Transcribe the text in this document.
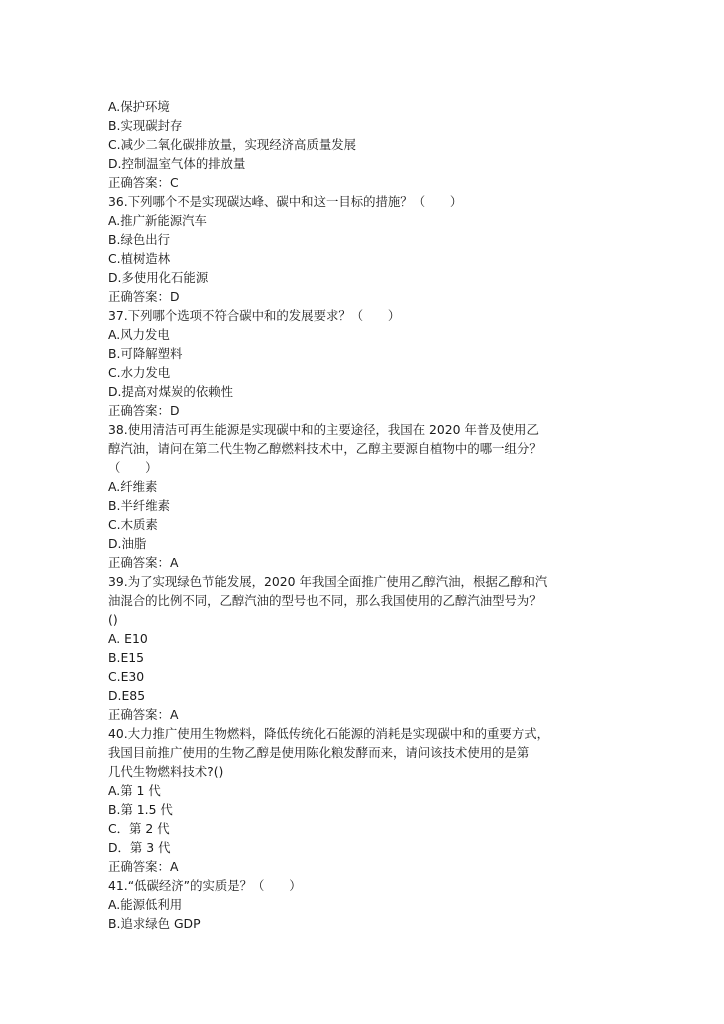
A.保护环境
B.实现碳封存
C.减少二氧化碳排放量，实现经济高质量发展
D.控制温室气体的排放量
正确答案：C
36.下列哪个不是实现碳达峰、碳中和这一目标的措施？（　　）
A.推广新能源汽车
B.绿色出行
C.植树造林
D.多使用化石能源
正确答案：D
37.下列哪个选项不符合碳中和的发展要求？（　　）
A.风力发电
B.可降解塑料
C.水力发电
D.提高对煤炭的依赖性
正确答案：D
38.使用清洁可再生能源是实现碳中和的主要途径，我国在 2020 年普及使用乙
醇汽油，请问在第二代生物乙醇燃料技术中，乙醇主要源自植物中的哪一组分？
（　　）
A.纤维素
B.半纤维素
C.木质素
D.油脂
正确答案：A
39.为了实现绿色节能发展，2020 年我国全面推广使用乙醇汽油，根据乙醇和汽
油混合的比例不同，乙醇汽油的型号也不同，那么我国使用的乙醇汽油型号为？
()
A. E10
B.E15
C.E30
D.E85
正确答案：A
40.大力推广使用生物燃料，降低传统化石能源的消耗是实现碳中和的重要方式，
我国目前推广使用的生物乙醇是使用陈化粮发酵而来，请问该技术使用的是第
几代生物燃料技术?()
A.第 1 代
B.第 1.5 代
C．第 2 代
D．第 3 代
正确答案：A
41.“低碳经济”的实质是？（　　）
A.能源低利用
B.追求绿色 GDP
